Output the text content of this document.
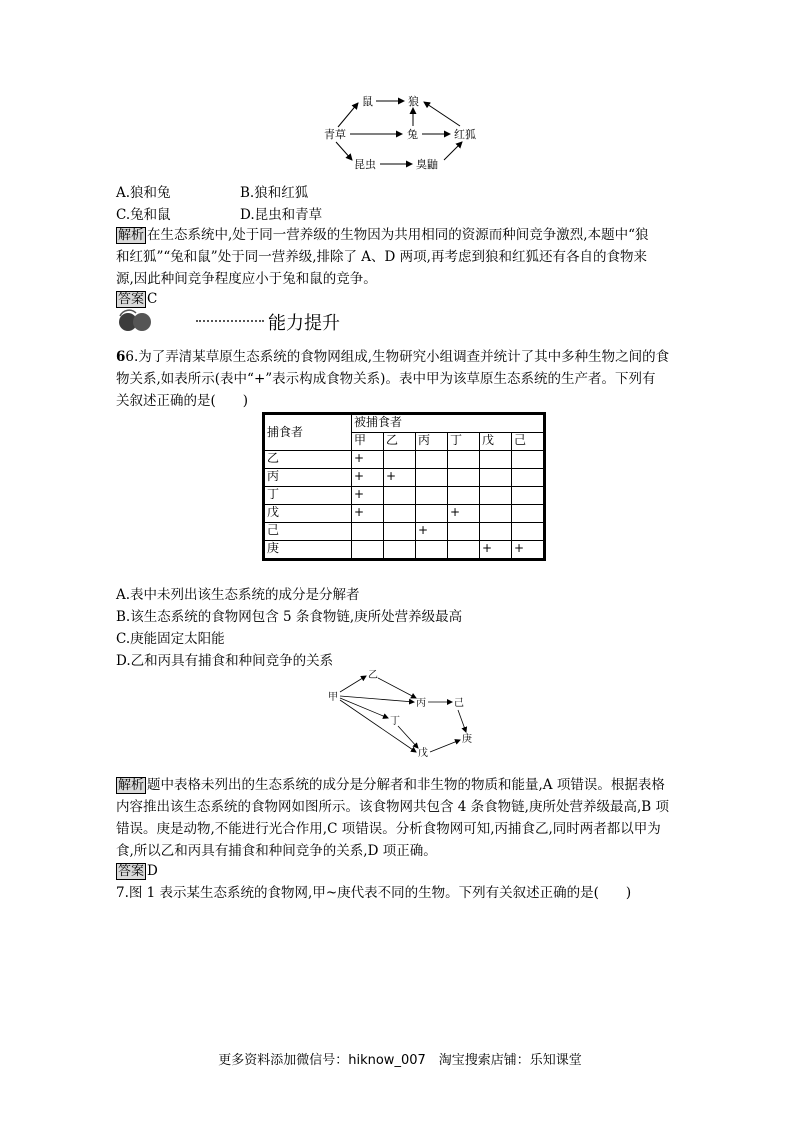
鼠	狼
青草	兔	红狐
昆虫	臭鼬
A.狼和兔	B.狼和红狐
C.兔和鼠	D.昆虫和青草
解析 在生态系统中,处于同一营养级的生物因为共用相同的资源而种间竞争激烈,本题中“狼
和红狐”“兔和鼠”处于同一营养级,排除了 A、D 两项,再考虑到狼和红狐还有各自的食物来
源,因此种间竞争程度应小于兔和鼠的竞争。
答案 C
能力提升
66.为了弄清某草原生态系统的食物网组成,生物研究小组调查并统计了其中多种生物之间的食
物关系,如表所示(表中“+”表示构成食物关系)。表中甲为该草原生态系统的生产者。下列有
关叙述正确的是(　　)
捕食者	被捕食者					
	甲	乙	丙	丁	戊	己
乙	+					
丙	+	+				
丁	+					
戊	+			+		
己			+			
庚					+	+
A.表中未列出该生态系统的成分是分解者
B.该生态系统的食物网包含 5 条食物链,庚所处营养级最高
C.庚能固定太阳能
D.乙和丙具有捕食和种间竞争的关系
甲
乙
丙	己
丁
戊
庚
解析 题中表格未列出的生态系统的成分是分解者和非生物的物质和能量,A 项错误。根据表格
内容推出该生态系统的食物网如图所示。该食物网共包含 4 条食物链,庚所处营养级最高,B 项
错误。庚是动物,不能进行光合作用,C 项错误。分析食物网可知,丙捕食乙,同时两者都以甲为
食,所以乙和丙具有捕食和种间竞争的关系,D 项正确。
答案 D
7.图 1 表示某生态系统的食物网,甲~庚代表不同的生物。下列有关叙述正确的是(　　)
更多资料添加微信号：hiknow_007　淘宝搜索店铺：乐知课堂
